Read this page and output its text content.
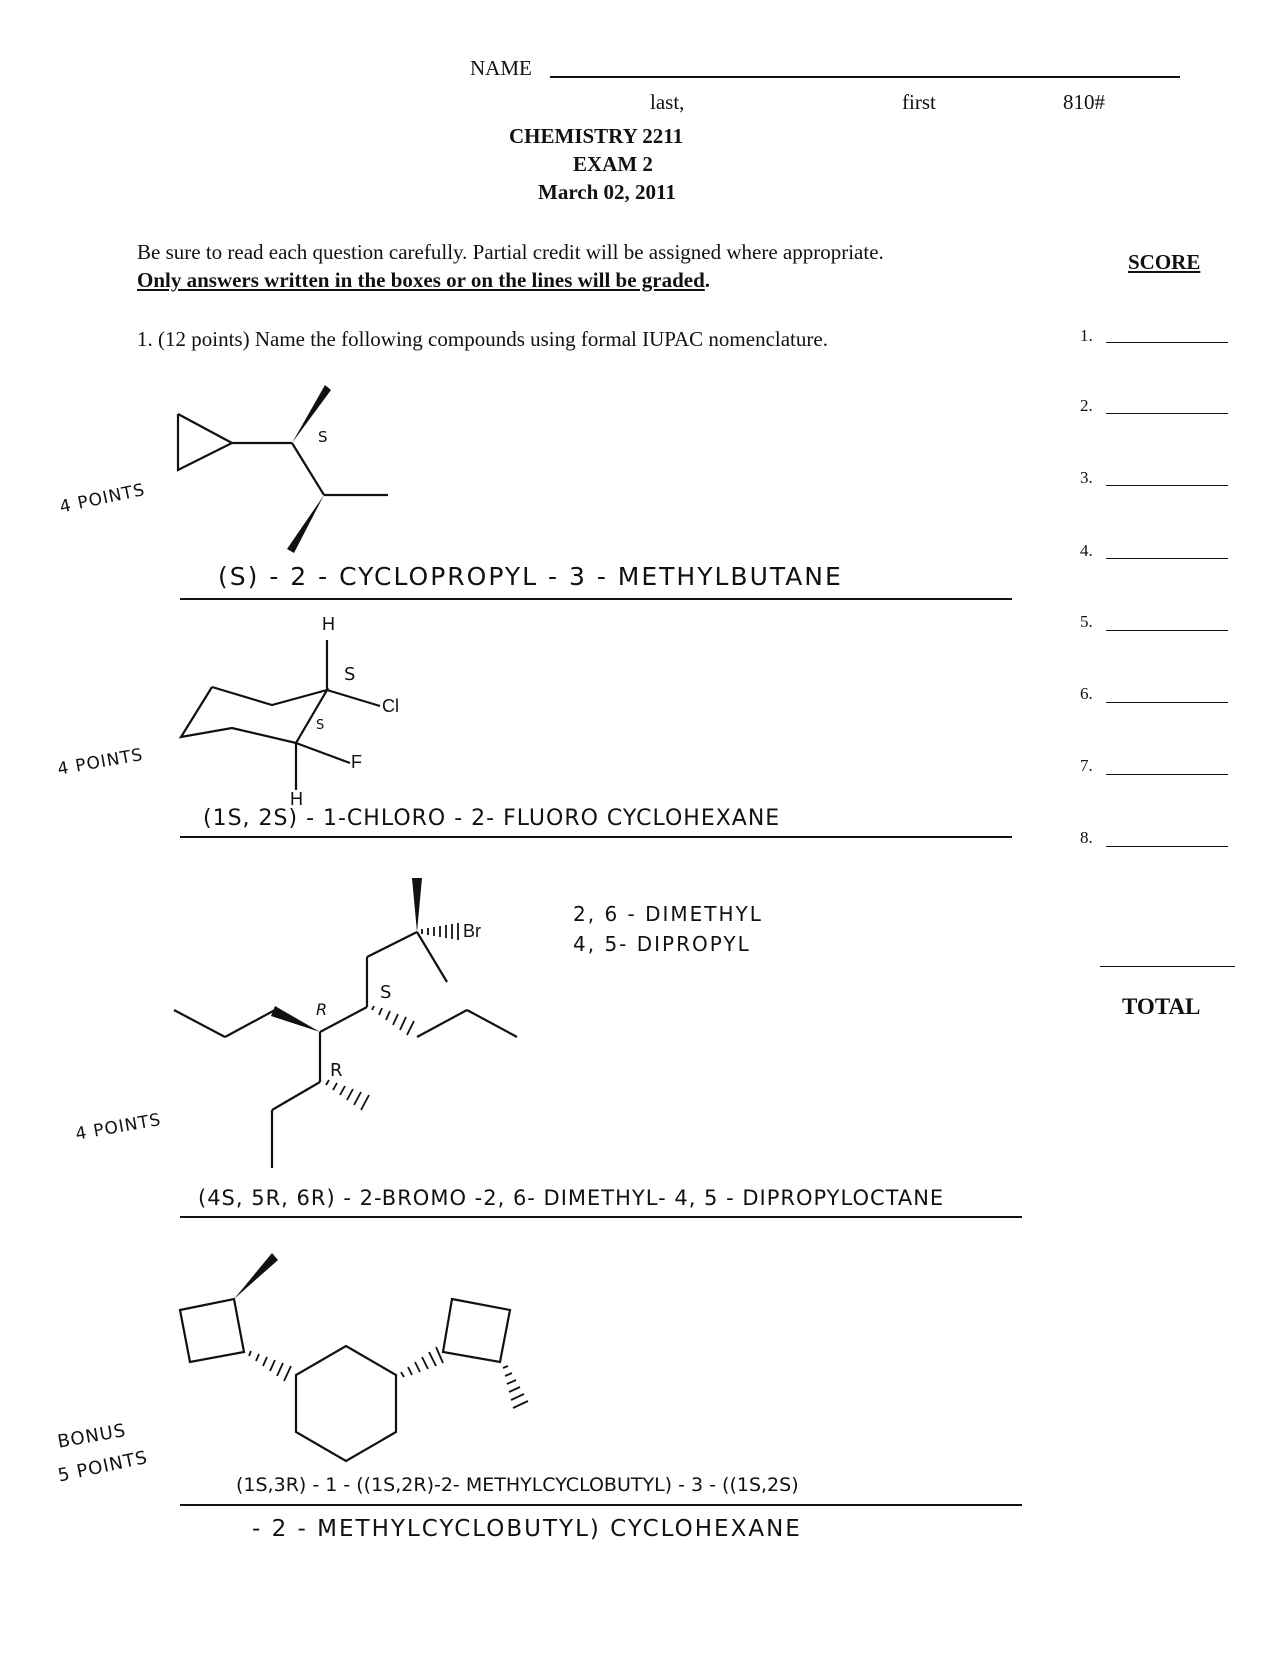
NAME
last,	first	810#
CHEMISTRY 2211
EXAM 2
March 02, 2011
Be sure to read each question carefully. Partial credit will be assigned where appropriate.
Only answers written in the boxes or on the lines will be graded.
SCORE
1.
2.
3.
4.
5.
6.
7.
8.
TOTAL
1. (12 points) Name the following compounds using formal IUPAC nomenclature.
S
4 POINTS
(S) - 2 - CYCLOPROPYL - 3 - METHYLBUTANE
H
Cl
F
H
S
S
4 POINTS
(1S, 2S) - 1-CHLORO - 2- FLUORO CYCLOHEXANE
Br
S
R
R
2, 6 - DIMETHYL
4, 5- DIPROPYL
4 POINTS
(4S, 5R, 6R) - 2-BROMO -2, 6- DIMETHYL- 4, 5 - DIPROPYLOCTANE
BONUS
5 POINTS	(1S,3R) - 1 - ((1S,2R)-2- METHYLCYCLOBUTYL) - 3 - ((1S,2S)
- 2 - METHYLCYCLOBUTYL) CYCLOHEXANE
